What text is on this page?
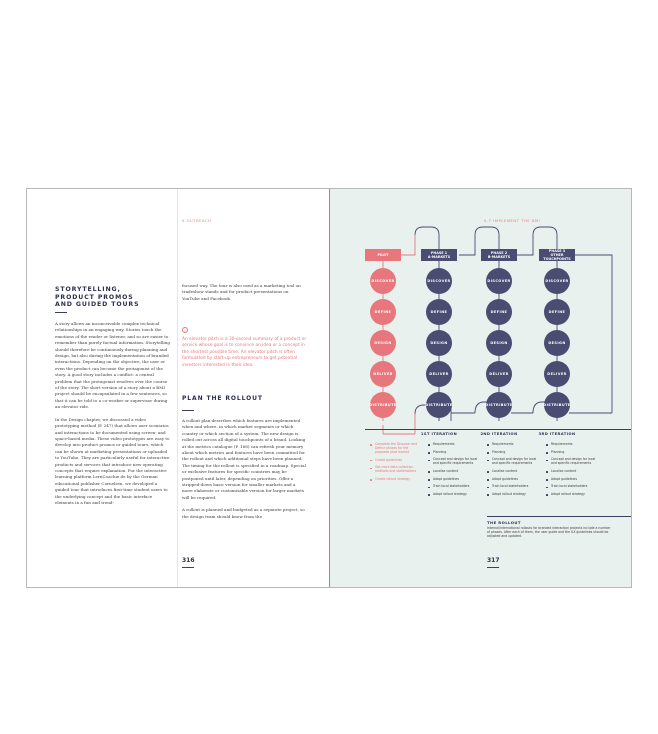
5 OUTREACH
STORYTELLING,
PRODUCT PROMOS
AND GUIDED TOURS

A story allows an inconceivable complex technical relationships in an engaging way. Stories touch the emotions of the reader or listener, and so are easier to remember than purely factual information. Storytelling should therefore be continuously during planning and design, but also during the implementation of branded interactions. Depending on the objective, the user or even the product can become the protagonist of the story. A good story includes a conflict: a central problem that the protagonist resolves over the course of the story. The short version of a story about a BMI project should be encapsulated in a few sentences, so that it can be told to a co-worker or supervisor during an elevator ride.

In the Design chapter, we discussed a video prototyping method (P. 247) that allows user scenarios and interactions to be documented using screen- and space-based media. These video prototypes are easy to develop into product promos or guided tours, which can be shown at marketing presentations or uploaded to YouTube. They are particularly useful for interactive products and services that introduce new operating concepts that require explanation. For the interactive learning platform LernCoachie.de by the German educational publisher Cornelsen, we developed a guided tour that introduces first-time student users to the underlying concept and the basic interface elements in a fun and trend-

focused way. The tour is also used as a marketing tool on tradeshow stands and for product presentations on YouTube and Facebook.

i
An elevator pitch is a 30-second summary of a product or service whose goal is to convince an idea or a concept in the shortest possible time. An elevator pitch is often formulated by start-up entrepreneurs to get potential investors interested in their idea.
PLAN THE ROLLOUT

A rollout plan describes which features are implemented when and where, in which market segments or which country or which section of a system. The new design is rolled out across all digital touchpoints of a brand. Looking at the metrics catalogue (P. 168) can refresh your memory about which metrics and features have been committed for the rollout and which additional steps have been planned. The timing for the rollout is specified in a roadmap. Special or exclusive features for specific countries may be postponed until later, depending on priorities. Offer a stripped-down basic version for smaller markets and a more elaborate or customisable version for larger markets will be required.

A rollout is planned and budgeted as a separate project, so the design team should know from the

316
5.7 IMPLEMENT THE BMI
PILOT
PHASE 1
A-MARKETS
PHASE 2
B-MARKETS
PHASE 3
OTHER TOUCHPOINTS
DISCOVER
DEFINE
DESIGN
DELIVER
DISTRIBUTE
DISCOVER
DEFINE
DESIGN
DELIVER
DISTRIBUTE
DISCOVER
DEFINE
DESIGN
DELIVER
DISTRIBUTE
DISCOVER
DEFINE
DESIGN
DELIVER
DISTRIBUTE
1ST ITERATION	2ND ITERATION	3RD ITERATION
Complete the Discover and Define phases for the proposed pilot market
Create guidelines
Get more data collection methods and stakeholders
Create rollout strategy
Requirements
Planning
Concept and design for local and specific requirements
Localise content
Adapt guidelines
Train local stakeholders
Adapt rollout strategy
Requirements
Planning
Concept and design for local and specific requirements
Localise content
Adapt guidelines
Train local stakeholders
Adapt rollout strategy
Requirements
Planning
Concept and design for local and specific requirements
Localise content
Adapt guidelines
Train local stakeholders
Adapt rollout strategy
THE ROLLOUT
Internal/international rollouts for branded interaction projects include a number of phases. After each of them, the user guide and the UX guidelines should be adjusted and updated.
317
